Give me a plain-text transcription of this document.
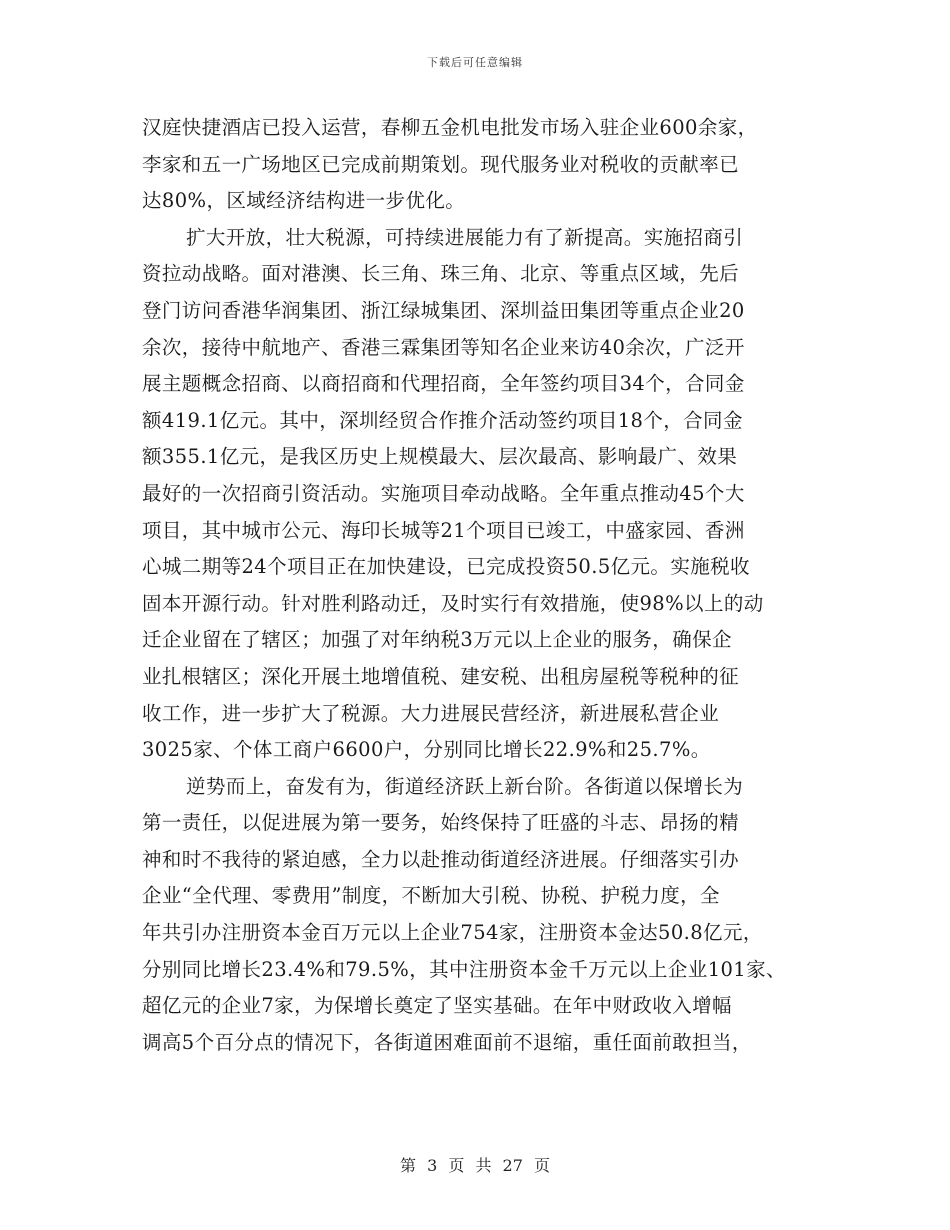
下载后可任意编辑
汉庭快捷酒店已投入运营，春柳五金机电批发市场入驻企业600余家，
李家和五一广场地区已完成前期策划。现代服务业对税收的贡献率已
达80%，区域经济结构进一步优化。
扩大开放，壮大税源，可持续进展能力有了新提高。实施招商引
资拉动战略。面对港澳、长三角、珠三角、北京、等重点区域，先后
登门访问香港华润集团、浙江绿城集团、深圳益田集团等重点企业20
余次，接待中航地产、香港三霖集团等知名企业来访40余次，广泛开
展主题概念招商、以商招商和代理招商，全年签约项目34个，合同金
额419.1亿元。其中，深圳经贸合作推介活动签约项目18个，合同金
额355.1亿元，是我区历史上规模最大、层次最高、影响最广、效果
最好的一次招商引资活动。实施项目牵动战略。全年重点推动45个大
项目，其中城市公元、海印长城等21个项目已竣工，中盛家园、香洲
心城二期等24个项目正在加快建设，已完成投资50.5亿元。实施税收
固本开源行动。针对胜利路动迁，及时实行有效措施，使98%以上的动
迁企业留在了辖区；加强了对年纳税3万元以上企业的服务，确保企
业扎根辖区；深化开展土地增值税、建安税、出租房屋税等税种的征
收工作，进一步扩大了税源。大力进展民营经济，新进展私营企业
3025家、个体工商户6600户，分别同比增长22.9%和25.7%。
逆势而上，奋发有为，街道经济跃上新台阶。各街道以保增长为
第一责任，以促进展为第一要务，始终保持了旺盛的斗志、昂扬的精
神和时不我待的紧迫感，全力以赴推动街道经济进展。仔细落实引办
企业“全代理、零费用”制度，不断加大引税、协税、护税力度，全
年共引办注册资本金百万元以上企业754家，注册资本金达50.8亿元，
分别同比增长23.4%和79.5%，其中注册资本金千万元以上企业101家、
超亿元的企业7家，为保增长奠定了坚实基础。在年中财政收入增幅
调高5个百分点的情况下，各街道困难面前不退缩，重任面前敢担当，
第 3 页 共 27 页
